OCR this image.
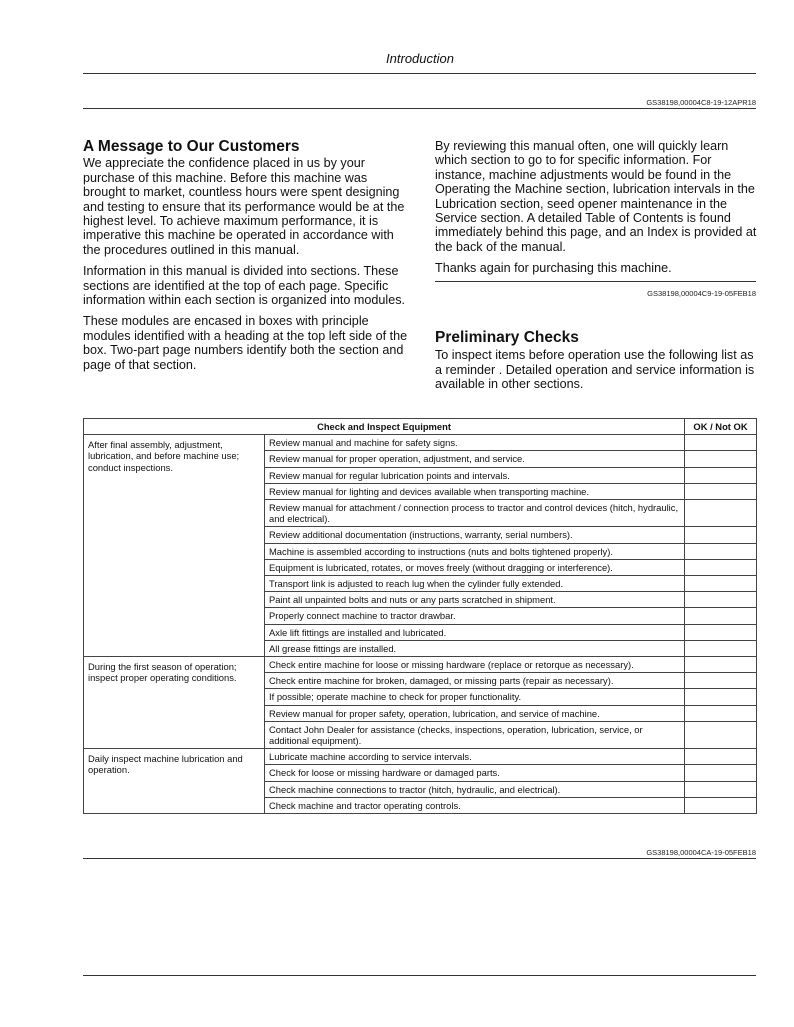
Introduction
GS38198,00004C8-19-12APR18
A Message to Our Customers

We appreciate the confidence placed in us by your purchase of this machine. Before this machine was brought to market, countless hours were spent designing and testing to ensure that its performance would be at the highest level. To achieve maximum performance, it is imperative this machine be operated in accordance with the procedures outlined in this manual.

Information in this manual is divided into sections. These sections are identified at the top of each page. Specific information within each section is organized into modules.

These modules are encased in boxes with principle modules identified with a heading at the top left side of the box. Two-part page numbers identify both the section and page of that section.

By reviewing this manual often, one will quickly learn which section to go to for specific information. For instance, machine adjustments would be found in the Operating the Machine section, lubrication intervals in the Lubrication section, seed opener maintenance in the Service section. A detailed Table of Contents is found immediately behind this page, and an Index is provided at the back of the manual.

Thanks again for purchasing this machine.

GS38198,00004C9-19-05FEB18
Preliminary Checks

To inspect items before operation use the following list as a reminder . Detailed operation and service information is available in other sections.

Check and Inspect Equipment		OK / Not OK
After final assembly, adjustment, lubrication, and before machine use; conduct inspections.	Review manual and machine for safety signs.	
	Review manual for proper operation, adjustment, and service.	
	Review manual for regular lubrication points and intervals.	
	Review manual for lighting and devices available when transporting machine.	
	Review manual for attachment / connection process to tractor and control devices (hitch, hydraulic, and electrical).	
	Review additional documentation (instructions, warranty, serial numbers).	
	Machine is assembled according to instructions (nuts and bolts tightened properly).	
	Equipment is lubricated, rotates, or moves freely (without dragging or interference).	
	Transport link is adjusted to reach lug when the cylinder fully extended.	
	Paint all unpainted bolts and nuts or any parts scratched in shipment.	
	Properly connect machine to tractor drawbar.	
	Axle lift fittings are installed and lubricated.	
	All grease fittings are installed.	
During the first season of operation; inspect proper operating conditions.	Check entire machine for loose or missing hardware (replace or retorque as necessary).	
	Check entire machine for broken, damaged, or missing parts (repair as necessary).	
	If possible; operate machine to check for proper functionality.	
	Review manual for proper safety, operation, lubrication, and service of machine.	
	Contact John Dealer for assistance (checks, inspections, operation, lubrication, service, or additional equipment).	
Daily inspect machine lubrication and operation.	Lubricate machine according to service intervals.	
	Check for loose or missing hardware or damaged parts.	
	Check machine connections to tractor (hitch, hydraulic, and electrical).	
	Check machine and tractor operating controls.	
GS38198,00004CA-19-05FEB18
